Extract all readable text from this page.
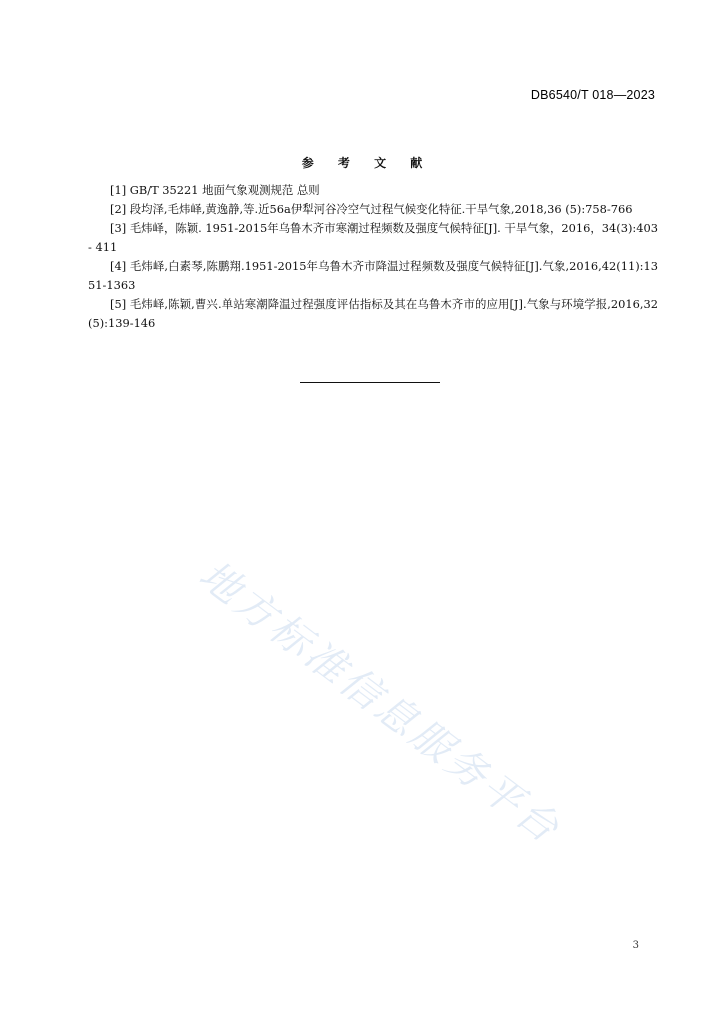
DB6540/T 018—2023
参 考 文 献

[1] GB/T 35221 地面气象观测规范 总则

[2] 段均泽,毛炜峄,黄逸静,等.近56a伊犁河谷冷空气过程气候变化特征.干旱气象,2018,36 (5):758-766

[3] 毛炜峄，陈颖. 1951-2015年乌鲁木齐市寒潮过程频数及强度气候特征[J]. 干旱气象，2016，34(3):403 - 411

[4] 毛炜峄,白素琴,陈鹏翔.1951-2015年乌鲁木齐市降温过程频数及强度气候特征[J].气象,2016,42(11):1351-1363

[5] 毛炜峄,陈颖,曹兴.单站寒潮降温过程强度评估指标及其在乌鲁木齐市的应用[J].气象与环境学报,2016,32(5):139-146

地方标准信息服务平台
3
